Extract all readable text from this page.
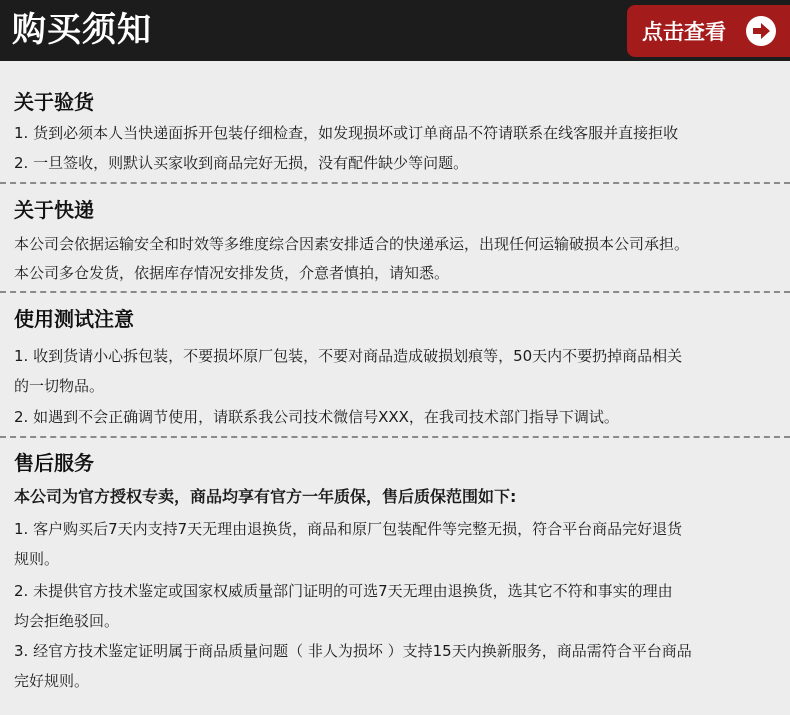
购买须知	点击查看
关于验货
1. 货到必须本人当快递面拆开包装仔细检查，如发现损坏或订单商品不符请联系在线客服并直接拒收
2. 一旦签收，则默认买家收到商品完好无损，没有配件缺少等问题。
关于快递
本公司会依据运输安全和时效等多维度综合因素安排适合的快递承运，出现任何运输破损本公司承担。
本公司多仓发货，依据库存情况安排发货，介意者慎拍，请知悉。
使用测试注意
1. 收到货请小心拆包装，不要损坏原厂包装，不要对商品造成破损划痕等，50天内不要扔掉商品相关
的一切物品。
2. 如遇到不会正确调节使用，请联系我公司技术微信号XXX，在我司技术部门指导下调试。
售后服务
本公司为官方授权专卖，商品均享有官方一年质保，售后质保范围如下:
1. 客户购买后7天内支持7天无理由退换货，商品和原厂包装配件等完整无损，符合平台商品完好退货
规则。
2. 未提供官方技术鉴定或国家权威质量部门证明的可选7天无理由退换货，选其它不符和事实的理由
均会拒绝驳回。
3. 经官方技术鉴定证明属于商品质量问题（ 非人为损坏 ）支持15天内换新服务，商品需符合平台商品
完好规则。
